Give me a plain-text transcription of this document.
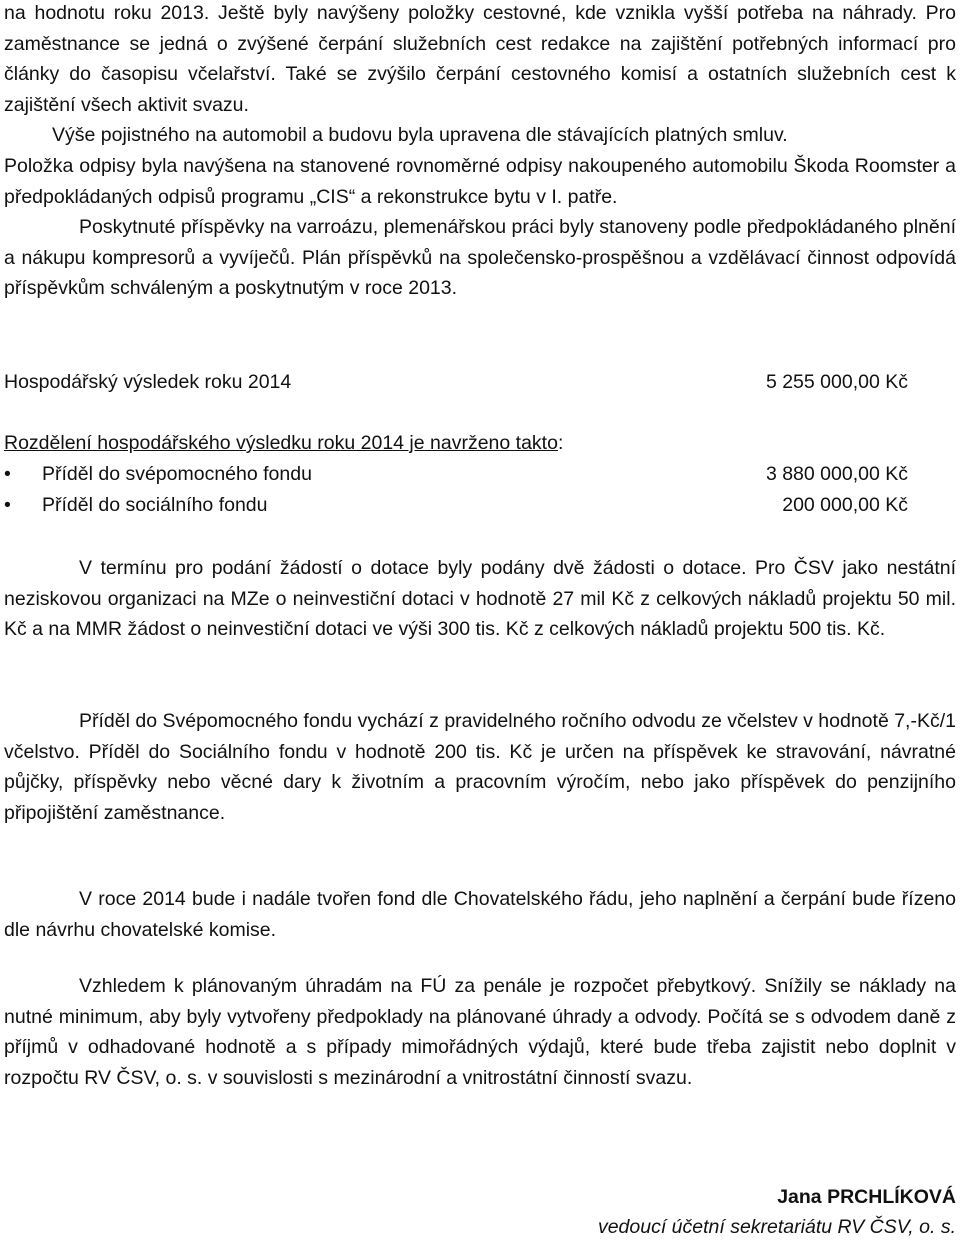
na hodnotu roku 2013. Ještě byly navýšeny položky cestovné, kde vznikla vyšší potřeba na náhrady. Pro zaměstnance se jedná o zvýšené čerpání služebních cest redakce na zajištění potřebných informací pro články do časopisu včelařství. Také se zvýšilo čerpání cestovného komisí a ostatních služebních cest k zajištění všech aktivit svazu.

Výše pojistného na automobil a budovu byla upravena dle stávajících platných smluv.

Položka odpisy byla navýšena na stanovené rovnoměrné odpisy nakoupeného automobilu Škoda Roomster a předpokládaných odpisů programu „CIS“ a rekonstrukce bytu v I. patře.

Poskytnuté příspěvky na varroázu, plemenářskou práci byly stanoveny podle předpokládaného plnění a nákupu kompresorů a vyvíječů. Plán příspěvků na společensko-prospěšnou a vzdělávací činnost odpovídá příspěvkům schváleným a poskytnutým v roce 2013.

Hospodářský výsledek roku 2014	5 255 000,00 Kč
Rozdělení hospodářského výsledku roku 2014 je navrženo takto:
• Příděl do svépomocného fondu	3 880 000,00 Kč
• Příděl do sociálního fondu	200 000,00 Kč

V termínu pro podání žádostí o dotace byly podány dvě žádosti o dotace. Pro ČSV jako nestátní neziskovou organizaci na MZe o neinvestiční dotaci v hodnotě 27 mil Kč z celkových nákladů projektu 50 mil. Kč a na MMR žádost o neinvestiční dotaci ve výši 300 tis. Kč z celkových nákladů projektu 500 tis. Kč.

Příděl do Svépomocného fondu vychází z pravidelného ročního odvodu ze včelstev v hodnotě 7,-Kč/1 včelstvo. Příděl do Sociálního fondu v hodnotě 200 tis. Kč je určen na příspěvek ke stravování, návratné půjčky, příspěvky nebo věcné dary k životním a pracovním výročím, nebo jako příspěvek do penzijního připojištění zaměstnance.

V roce 2014 bude i nadále tvořen fond dle Chovatelského řádu, jeho naplnění a čerpání bude řízeno dle návrhu chovatelské komise.

Vzhledem k plánovaným úhradám na FÚ za penále je rozpočet přebytkový. Snížily se náklady na nutné minimum, aby byly vytvořeny předpoklady na plánované úhrady a odvody. Počítá se s odvodem daně z příjmů v odhadované hodnotě a s případy mimořádných výdajů, které bude třeba zajistit nebo doplnit v rozpočtu RV ČSV, o. s. v souvislosti s mezinárodní a vnitrostátní činností svazu.

Jana PRCHLÍKOVÁ
vedoucí účetní sekretariátu RV ČSV, o. s.
